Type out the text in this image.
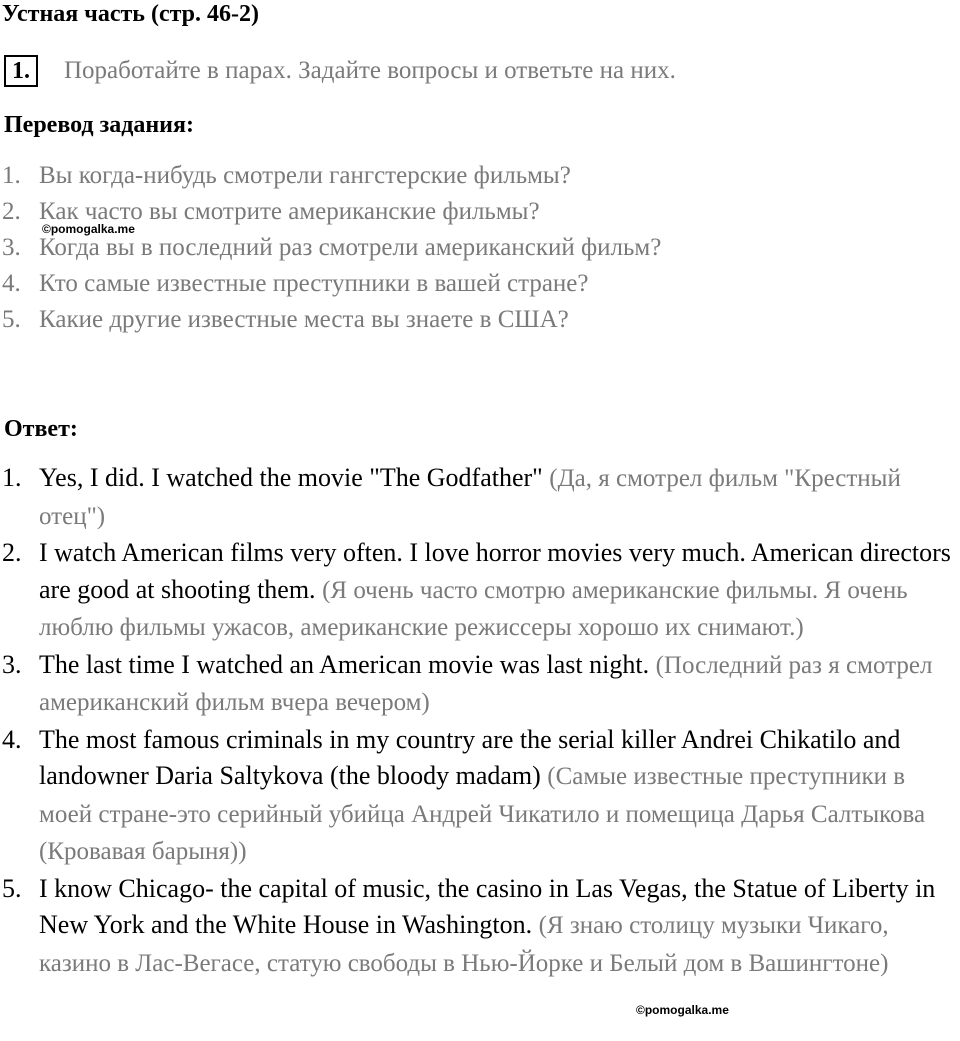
Устная часть (стр. 46-2)
1.	Поработайте в парах. Задайте вопросы и ответьте на них.
Перевод задания:
1. Вы когда-нибудь смотрели гангстерские фильмы?
2. Как часто вы смотрите американские фильмы?
3. Когда вы в последний раз смотрели американский фильм?
4. Кто самые известные преступники в вашей стране?
5. Какие другие известные места вы знаете в США?
©pomogalka.me
Ответ:
1. Yes, I did. I watched the movie "The Godfather" (Да, я смотрел фильм "Крестный отец")
2. I watch American films very often. I love horror movies very much. American directors are good at shooting them. (Я очень часто смотрю американские фильмы. Я очень люблю фильмы ужасов, американские режиссеры хорошо их снимают.)
3. The last time I watched an American movie was last night. (Последний раз я смотрел американский фильм вчера вечером)
4. The most famous criminals in my country are the serial killer Andrei Chikatilo and landowner Daria Saltykova (the bloody madam) (Самые известные преступники в моей стране-это серийный убийца Андрей Чикатило и помещица Дарья Салтыкова (Кровавая барыня))
5. I know Chicago- the capital of music, the casino in Las Vegas, the Statue of Liberty in New York and the White House in Washington. (Я знаю столицу музыки Чикаго, казино в Лас-Вегасе, статую свободы в Нью-Йорке и Белый дом в Вашингтоне)
©pomogalka.me
